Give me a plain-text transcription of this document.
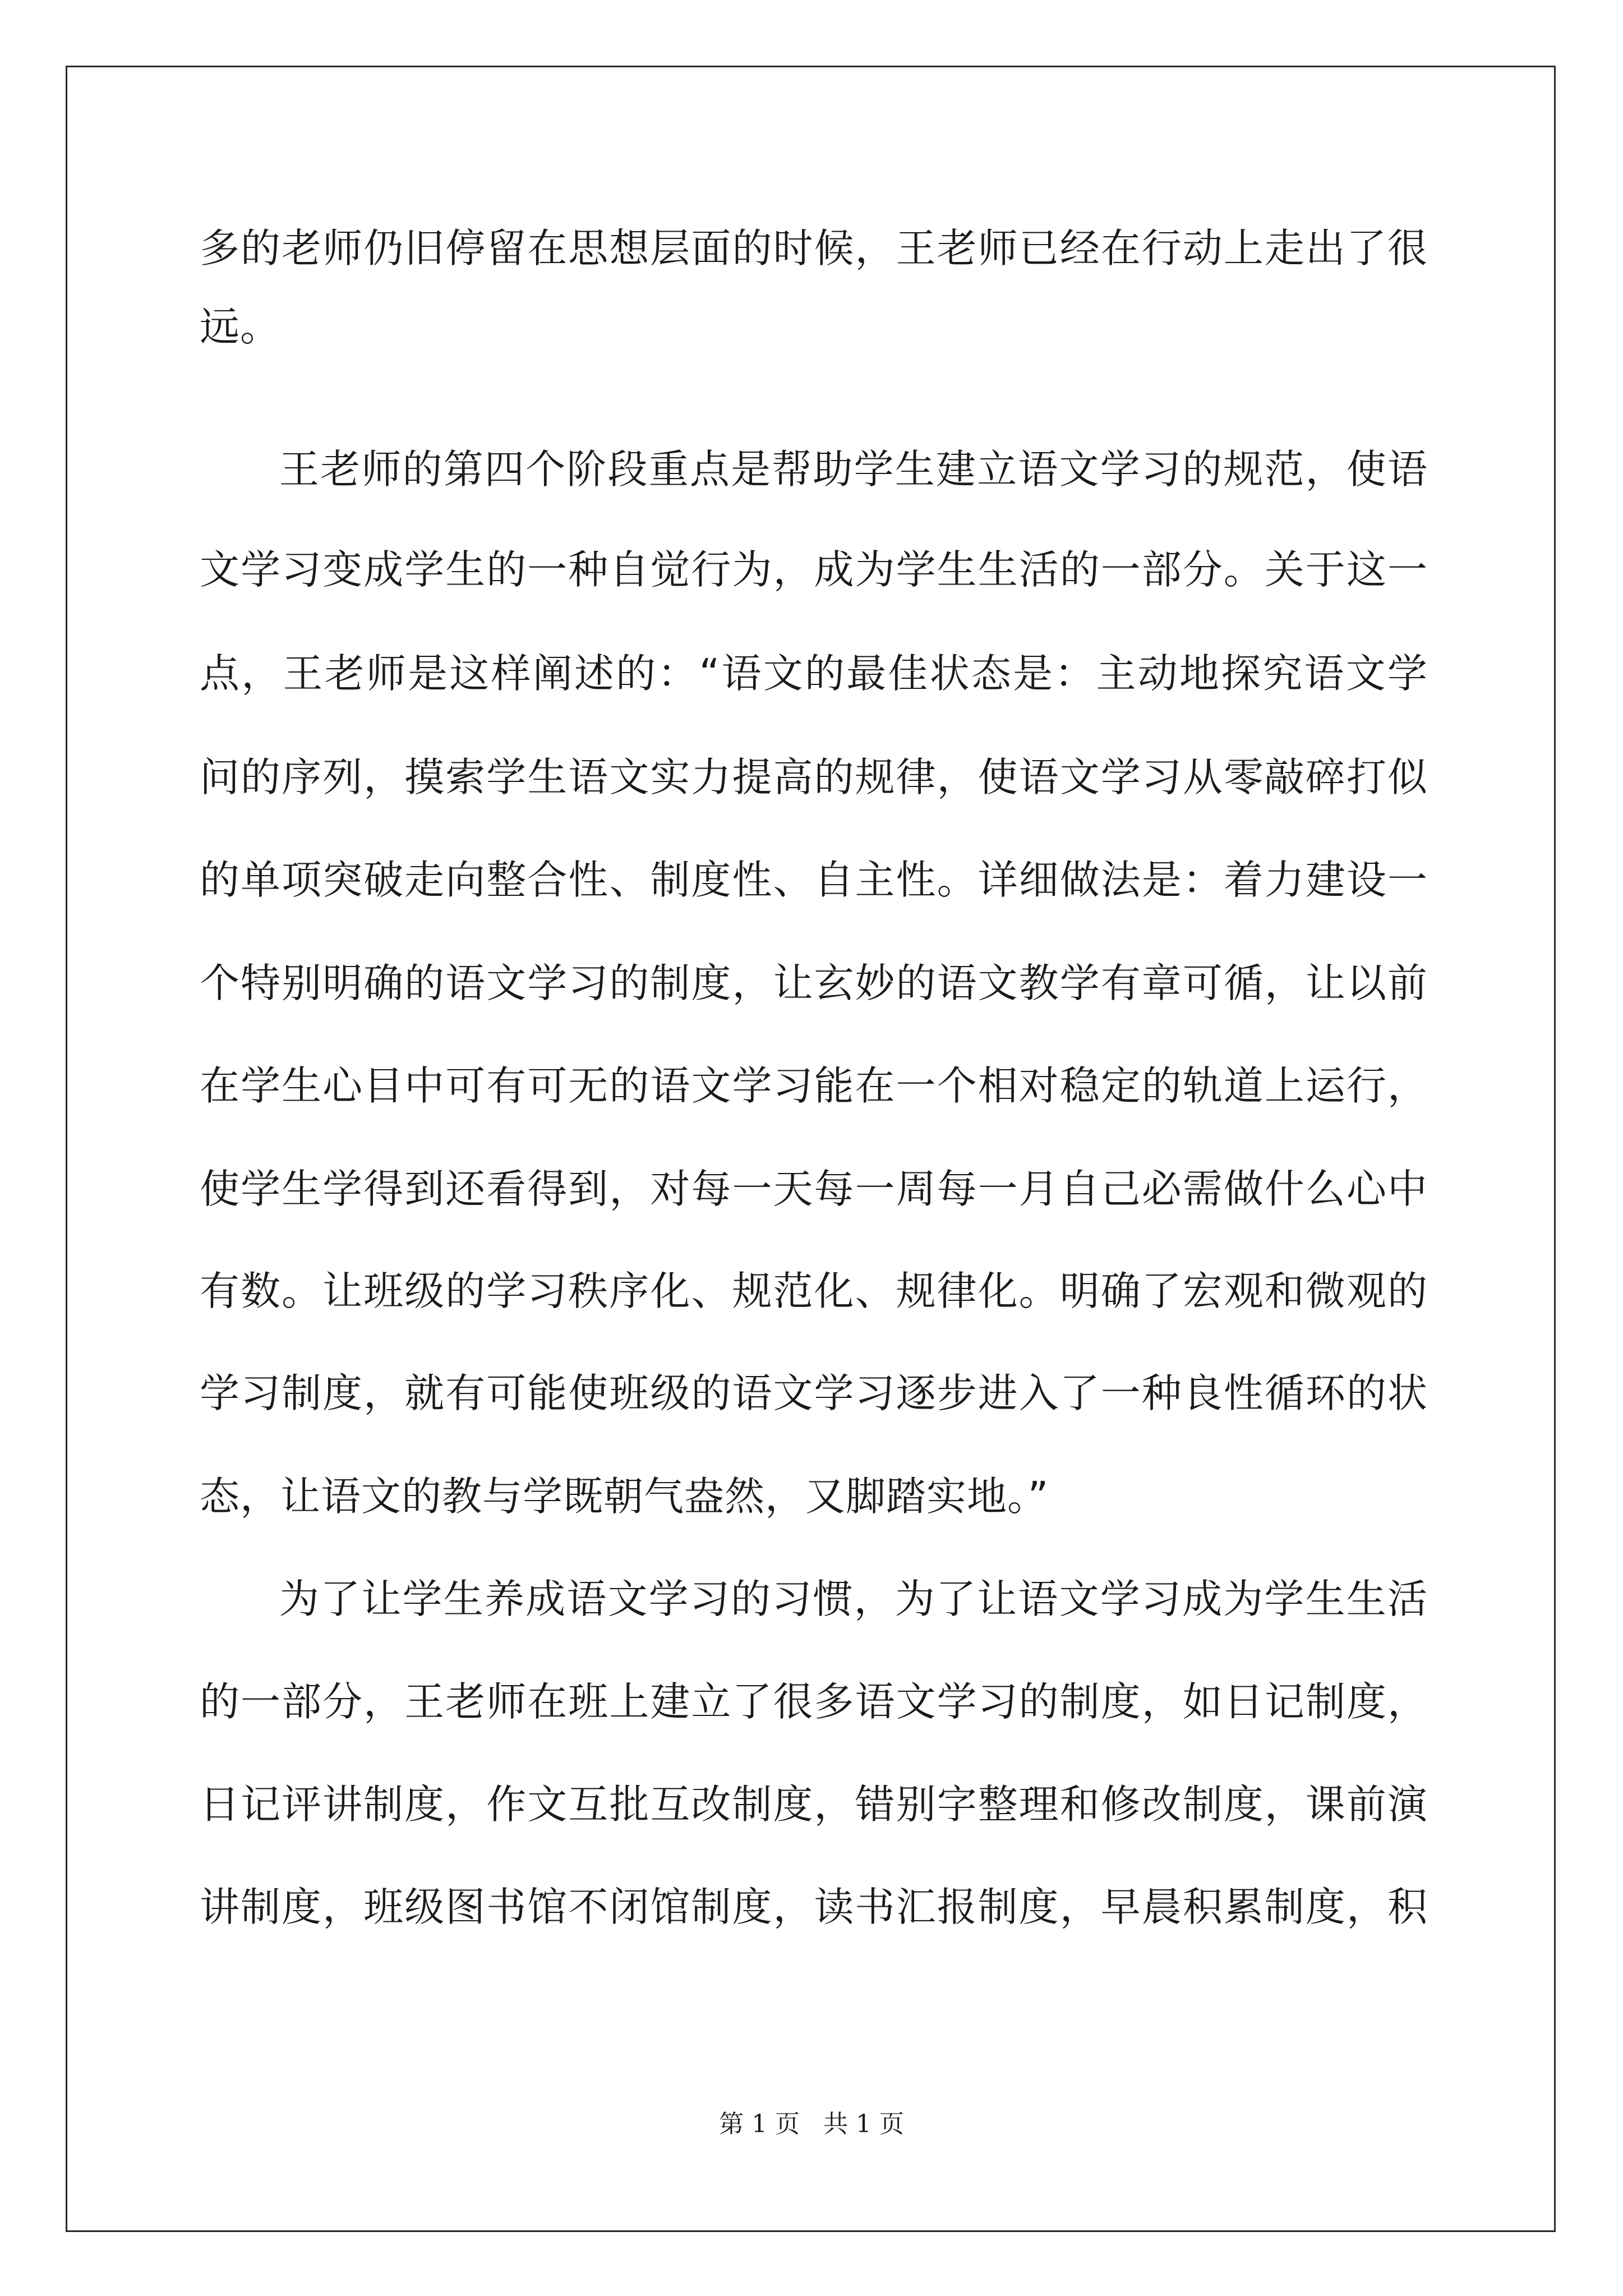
多的老师仍旧停留在思想层面的时候，王老师已经在行动上走出了很
远。
王老师的第四个阶段重点是帮助学生建立语文学习的规范，使语
文学习变成学生的一种自觉行为，成为学生生活的一部分。关于这一
点，王老师是这样阐述的：“语文的最佳状态是：主动地探究语文学
问的序列，摸索学生语文实力提高的规律，使语文学习从零敲碎打似
的单项突破走向整合性、制度性、自主性。详细做法是：着力建设一
个特别明确的语文学习的制度，让玄妙的语文教学有章可循，让以前
在学生心目中可有可无的语文学习能在一个相对稳定的轨道上运行，
使学生学得到还看得到，对每一天每一周每一月自己必需做什么心中
有数。让班级的学习秩序化、规范化、规律化。明确了宏观和微观的
学习制度，就有可能使班级的语文学习逐步进入了一种良性循环的状
态，让语文的教与学既朝气盎然，又脚踏实地。”
为了让学生养成语文学习的习惯，为了让语文学习成为学生生活
的一部分，王老师在班上建立了很多语文学习的制度，如日记制度，
日记评讲制度，作文互批互改制度，错别字整理和修改制度，课前演
讲制度，班级图书馆不闭馆制度，读书汇报制度，早晨积累制度，积
第 1 页   共 1 页
